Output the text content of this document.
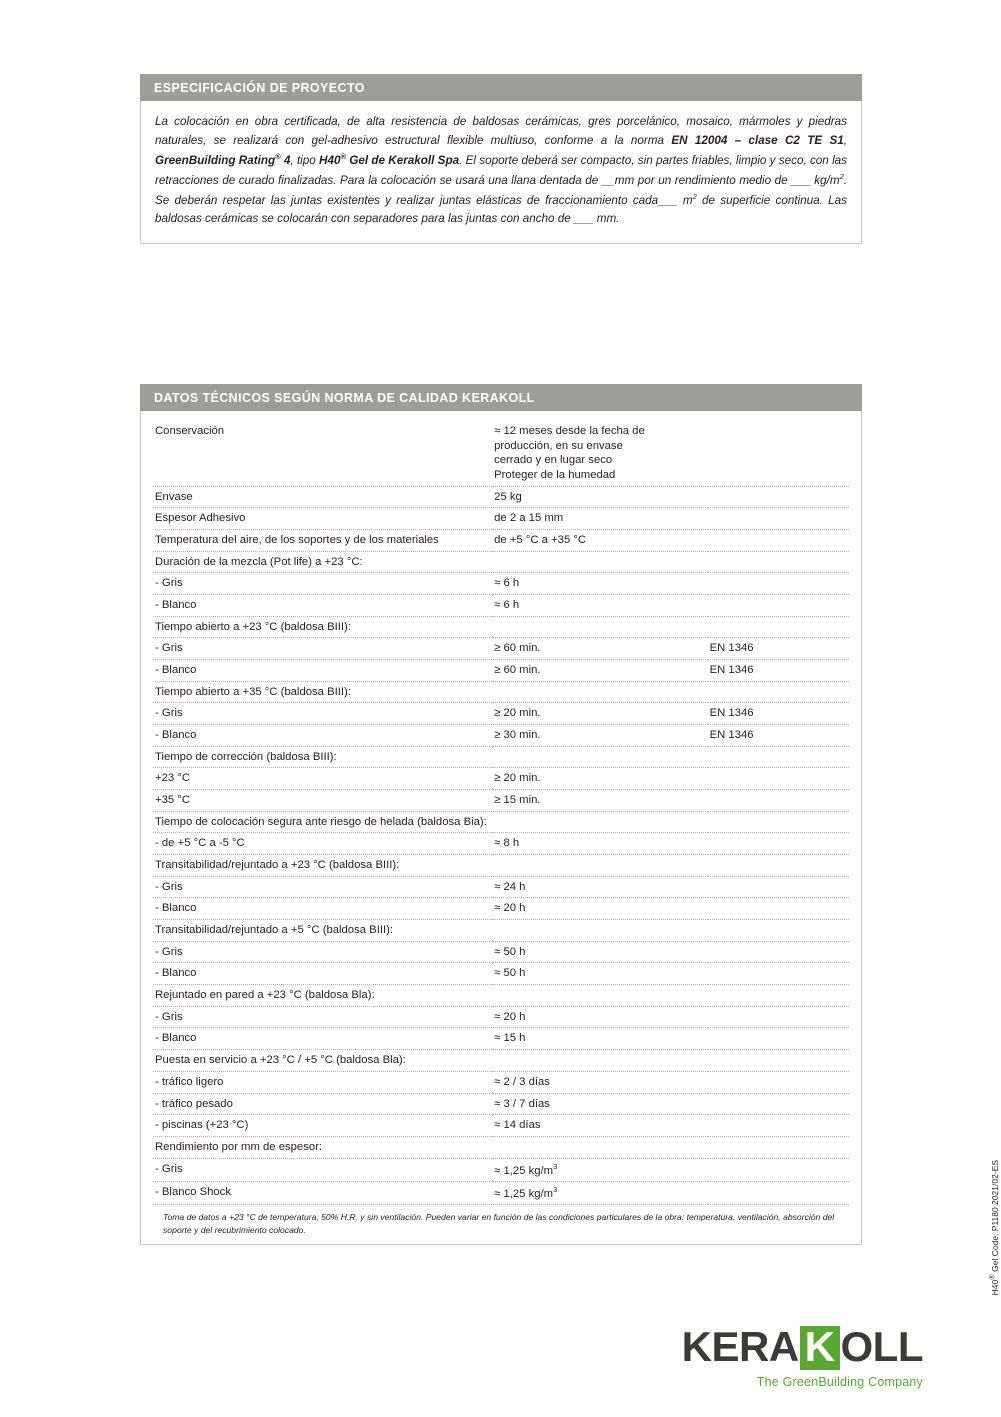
ESPECIFICACIÓN DE PROYECTO

La colocación en obra certificada, de alta resistencia de baldosas cerámicas, gres porcelánico, mosaico, mármoles y piedras naturales, se realizará con gel-adhesivo estructural flexible multiuso, conforme a la norma EN 12004 – clase C2 TE S1, GreenBuilding Rating® 4, tipo H40® Gel de Kerakoll Spa. El soporte deberá ser compacto, sin partes friables, limpio y seco, con las retracciones de curado finalizadas. Para la colocación se usará una llana dentada de __mm por un rendimiento medio de ___ $kg/m^2$. Se deberán respetar las juntas existentes y realizar juntas elásticas de fraccionamiento cada___ $m^2$ de superficie continua. Las baldosas cerámicas se colocarán con separadores para las juntas con ancho de ___ mm.

DATOS TÉCNICOS SEGÚN NORMA DE CALIDAD KERAKOLL
Conservación	≈ 12 meses desde la fecha de producción, en su envase
cerrado y en lugar seco
Proteger de la humedad	
Envase	25 kg	
Espesor Adhesivo	de 2 a 15 mm	
Temperatura del aire, de los soportes y de los materiales	de +5 °C a +35 °C	
Duración de la mezcla (Pot life) a +23 °C:		
- Gris	≈ 6 h	
- Blanco	≈ 6 h	
Tiempo abierto a +23 °C (baldosa BIII):		
- Gris	≥ 60 min.	EN 1346
- Blanco	≥ 60 min.	EN 1346
Tiempo abierto a +35 °C (baldosa BIII):		
- Gris	≥ 20 min.	EN 1346
- Blanco	≥ 30 min.	EN 1346
Tiempo de corrección (baldosa BIII):		
+23 °C	≥ 20 min.	
+35 °C	≥ 15 min.	
Tiempo de colocación segura ante riesgo de helada (baldosa Bia):		
- de +5 °C a -5 °C	≈ 8 h	
Transitabilidad/rejuntado a +23 °C (baldosa BIII):		
- Gris	≈ 24 h	
- Blanco	≈ 20 h	
Transitabilidad/rejuntado a +5 °C (baldosa BIII):		
- Gris	≈ 50 h	
- Blanco	≈ 50 h	
Rejuntado en pared a +23 °C (baldosa Bla):		
- Gris	≈ 20 h	
- Blanco	≈ 15 h	
Puesta en servicio a +23 °C / +5 °C (baldosa Bla):		
- tráfico ligero	≈ 2 / 3 días	
- tráfico pesado	≈ 3 / 7 días	
- piscinas (+23 °C)	≈ 14 días	
Rendimiento por mm de espesor:		
- Gris	≈ 1,25 $kg/m^3$	
- Blanco Shock	≈ 1,25 $kg/m^3$	
Toma de datos a +23 °C de temperatura, 50% H.R. y sin ventilación. Pueden variar en función de las condiciones particulares de la obra: temperatura, ventilación, absorción del soporte y del recubrimiento colocado.
H40® Gel Code: P1180 2021/02-ES
KERA K OLL
The GreenBuilding Company
